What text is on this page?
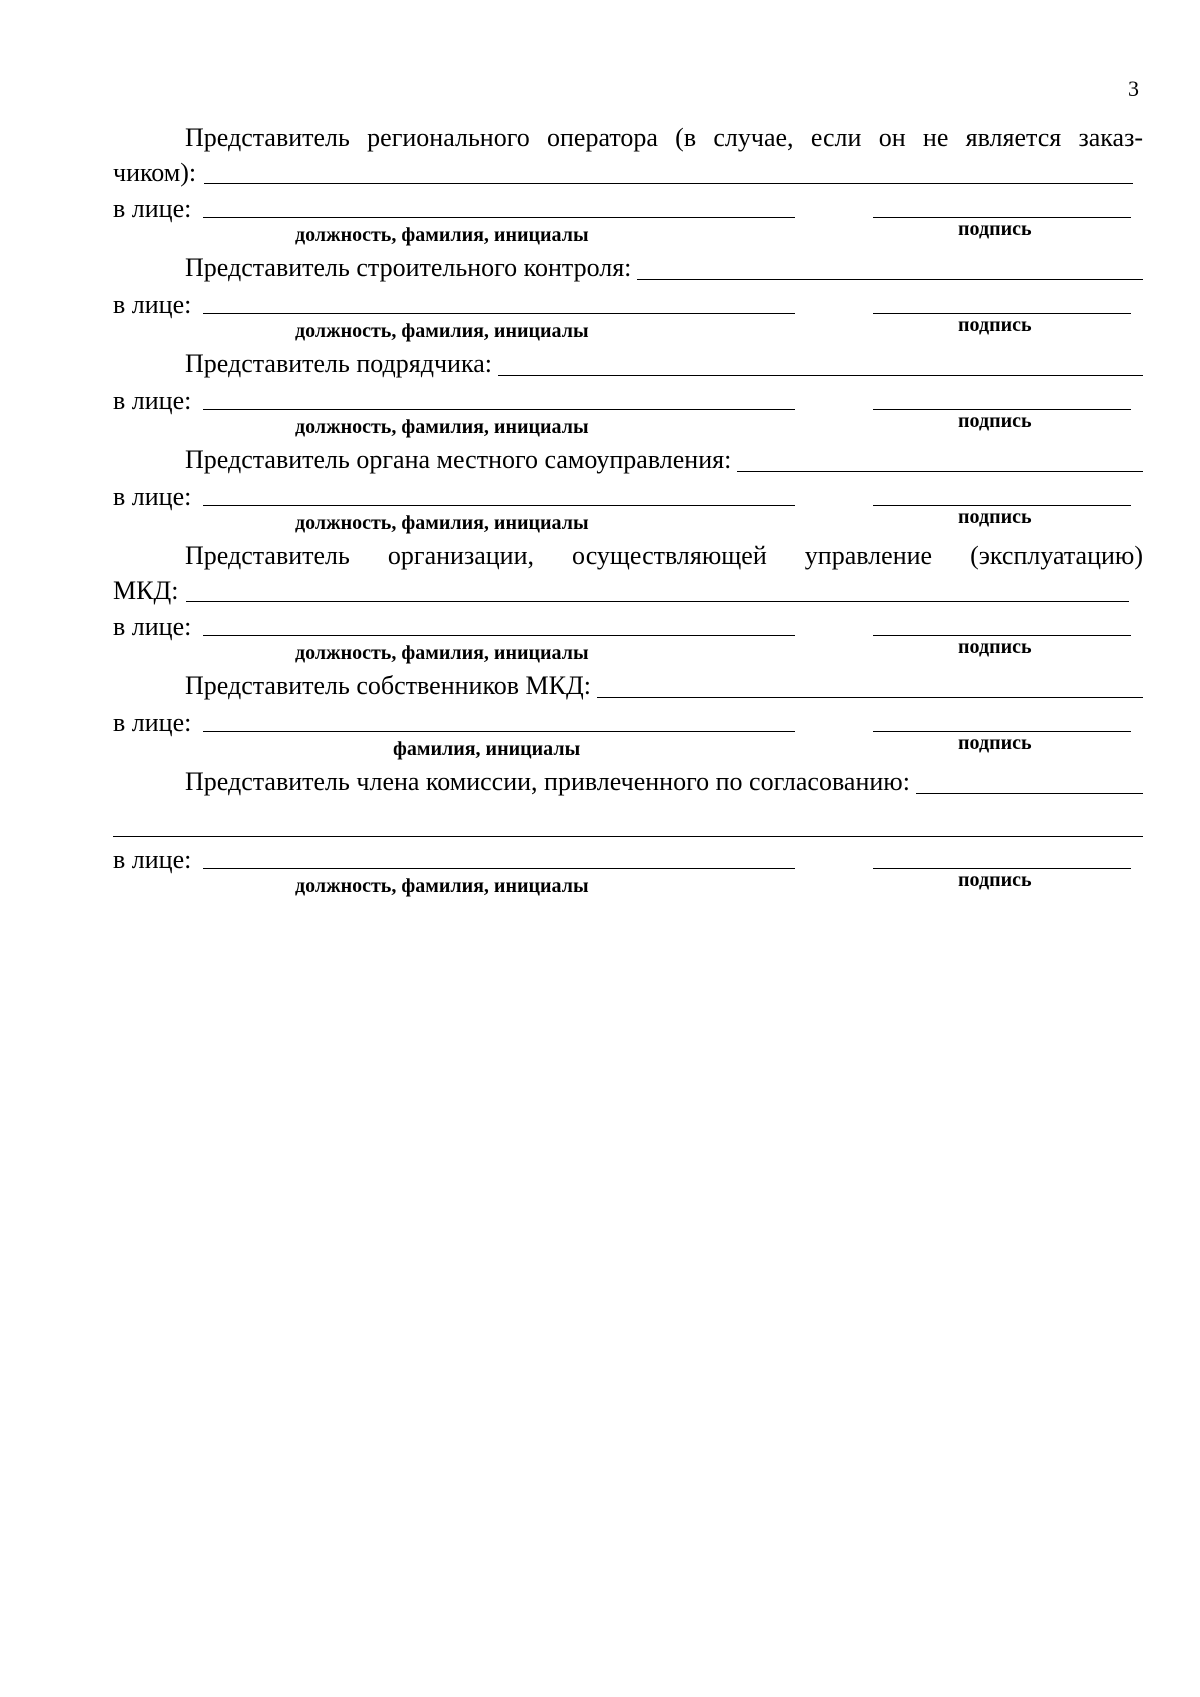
3

Представитель регионального оператора (в случае, если он не является заказ-

чиком):
в лице:
должность, фамилия, инициалы	подпись
Представитель строительного контроля:
в лице:
должность, фамилия, инициалы	подпись
Представитель подрядчика:
в лице:
должность, фамилия, инициалы	подпись
Представитель органа местного самоуправления:
в лице:
должность, фамилия, инициалы	подпись

Представитель организации, осуществляющей управление (эксплуатацию)

МКД:
в лице:
должность, фамилия, инициалы	подпись
Представитель собственников МКД:
в лице:
фамилия, инициалы	подпись
Представитель члена комиссии, привлеченного по согласованию:
в лице:
должность, фамилия, инициалы	подпись
